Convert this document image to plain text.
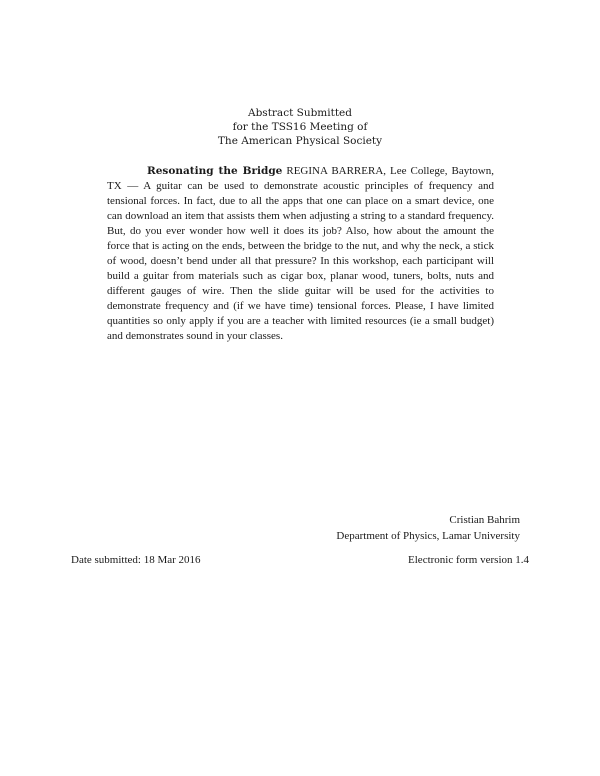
Abstract Submitted
for the TSS16 Meeting of
The American Physical Society
Resonating the Bridge REGINA BARRERA, Lee College, Baytown, TX — A guitar can be used to demonstrate acoustic principles of frequency and tensional forces. In fact, due to all the apps that one can place on a smart device, one can download an item that assists them when adjusting a string to a standard frequency. But, do you ever wonder how well it does its job? Also, how about the amount the force that is acting on the ends, between the bridge to the nut, and why the neck, a stick of wood, doesn’t bend under all that pressure? In this workshop, each participant will build a guitar from materials such as cigar box, planar wood, tuners, bolts, nuts and different gauges of wire. Then the slide guitar will be used for the activities to demonstrate frequency and (if we have time) tensional forces. Please, I have limited quantities so only apply if you are a teacher with limited resources (ie a small budget) and demonstrates sound in your classes.
Cristian Bahrim
Department of Physics, Lamar University
Date submitted: 18 Mar 2016	Electronic form version 1.4
